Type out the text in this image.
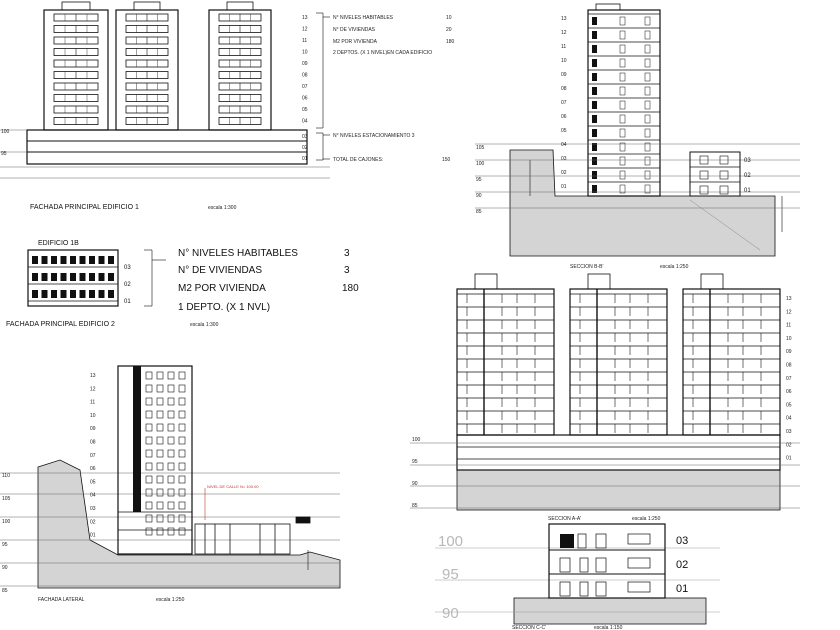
100
95
13
12
11
10
09
08
07
06
05
04
03
02
01
N° NIVELES HABITABLES	10
N° DE VIVIENDAS	20
M2 POR VIVIENDA	180
2 DEPTOS. (X 1 NIVEL)EN CADA EDIFICIO
N° NIVELES ESTACIONAMIENTO 3
TOTAL DE CAJONES:	150
FACHADA PRINCIPAL EDIFICIO 1	escala 1:300
EDIFICIO 1B
03
02
01
N° NIVELES HABITABLES	3
N° DE VIVIENDAS	3
M2 POR VIVIENDA	180
1 DEPTO. (X 1 NVL)
FACHADA PRINCIPAL EDIFICIO 2	escala 1:300
105
100
95
90
85
13
12
11
10
09
08
07
06
05
04
03
02
01
03
02
01
SECCION B-B'	escala 1:250
110
105
100
95
90
85
13
12
11
10
09
08
07
06
05
04
03
02
01
NIVEL DE CALLE N= 100.00
FACHADA LATERAL	escala 1:250
100
95
90
85
13
12
11
10
09
08
07
06
05
04
03
02
01
SECCION A-A'	escala 1:250
100
95
90
03
02
01
SECCION C-C'	escala 1:150
